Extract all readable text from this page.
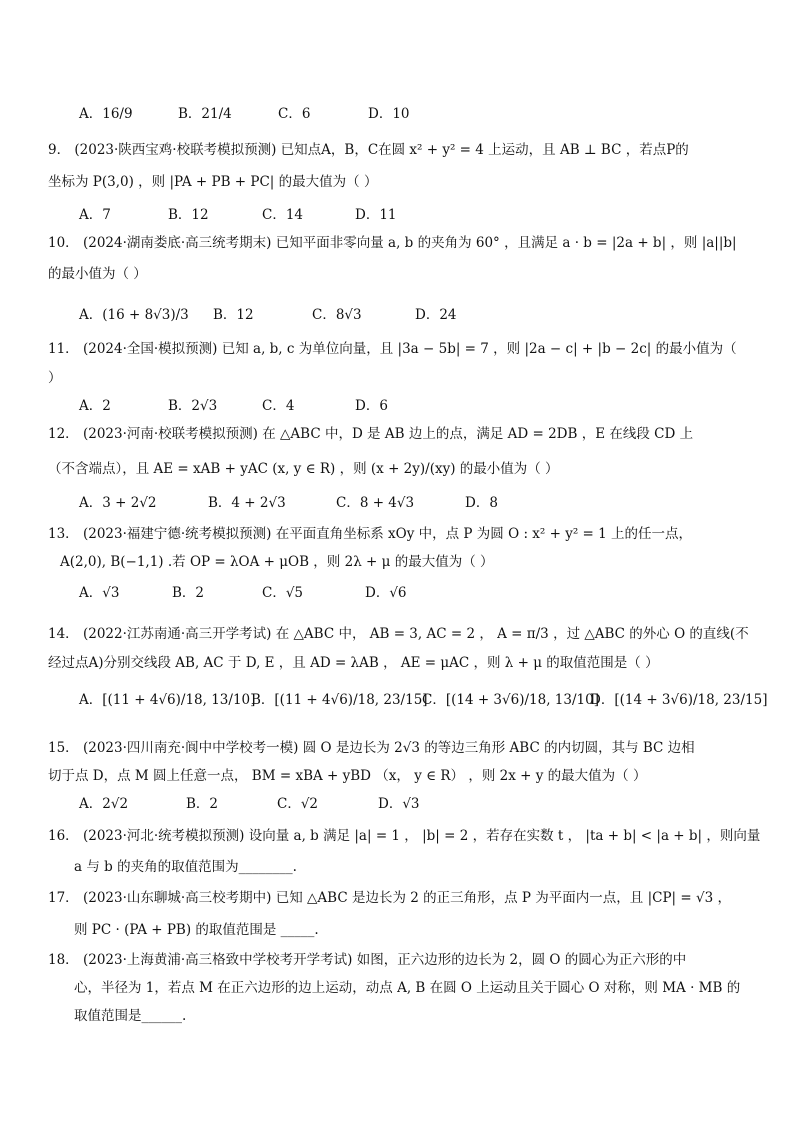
A．16/9	B．21/4	C．6	D．10
9． (2023·陕西宝鸡·校联考模拟预测) 已知点A，B，C在圆 x² + y² = 4 上运动，且 AB ⊥ BC ，若点P的
坐标为 P(3,0) ，则 |PA + PB + PC| 的最大值为（ ）
A．7	B．12	C．14	D．11
10． (2024·湖南娄底·高三统考期末) 已知平面非零向量 a, b 的夹角为 60° ，且满足 a · b = |2a + b| ，则 |a||b|
的最小值为（ ）
A．(16 + 8√3)/3 B．12	C．8√3	D．24
11． (2024·全国·模拟预测) 已知 a, b, c 为单位向量，且 |3a − 5b| = 7 ，则 |2a − c| + |b − 2c| 的最小值为（
）
A．2	B．2√3	C．4	D．6
12． (2023·河南·校联考模拟预测) 在 △ABC 中，D 是 AB 边上的点，满足 AD = 2DB ，E 在线段 CD 上
（不含端点），且 AE = xAB + yAC (x, y ∈ R) ，则 (x + 2y)/(xy) 的最小值为（ ）
A．3 + 2√2	B．4 + 2√3	C．8 + 4√3	D．8
13． (2023·福建宁德·统考模拟预测) 在平面直角坐标系 xOy 中，点 P 为圆 O : x² + y² = 1 上的任一点，
A(2,0), B(−1,1) .若 OP = λOA + μOB ，则 2λ + μ 的最大值为（ ）
A．√3	B．2	C．√5	D．√6
14． (2022·江苏南通·高三开学考试) 在 △ABC 中， AB = 3, AC = 2 ， A = π/3 ，过 △ABC 的外心 O 的直线(不
经过点A)分别交线段 AB, AC 于 D, E ，且 AD = λAB ， AE = μAC ，则 λ + μ 的取值范围是（ ）
A．[(11 + 4√6)/18, 13/10]
B．[(11 + 4√6)/18, 23/15]
C．[(14 + 3√6)/18, 13/10]
D．[(14 + 3√6)/18, 23/15]
15． (2023·四川南充·阆中中学校考一模) 圆 O 是边长为 2√3 的等边三角形 ABC 的内切圆，其与 BC 边相
切于点 D，点 M 圆上任意一点， BM = xBA + yBD （x， y ∈ R） ，则 2x + y 的最大值为（ ）
A．2√2	B．2	C．√2	D．√3
16． (2023·河北·统考模拟预测) 设向量 a, b 满足 |a| = 1 ， |b| = 2 ，若存在实数 t ， |ta + b| < |a + b| ，则向量
a 与 b 的夹角的取值范围为________.
17． (2023·山东聊城·高三校考期中) 已知 △ABC 是边长为 2 的正三角形，点 P 为平面内一点，且 |CP| = √3 ，
则 PC · (PA + PB) 的取值范围是 _____.
18． (2023·上海黄浦·高三格致中学校考开学考试) 如图，正六边形的边长为 2，圆 O 的圆心为正六形的中
心，半径为 1，若点 M 在正六边形的边上运动，动点 A, B 在圆 O 上运动且关于圆心 O 对称，则 MA · MB 的
取值范围是______.
